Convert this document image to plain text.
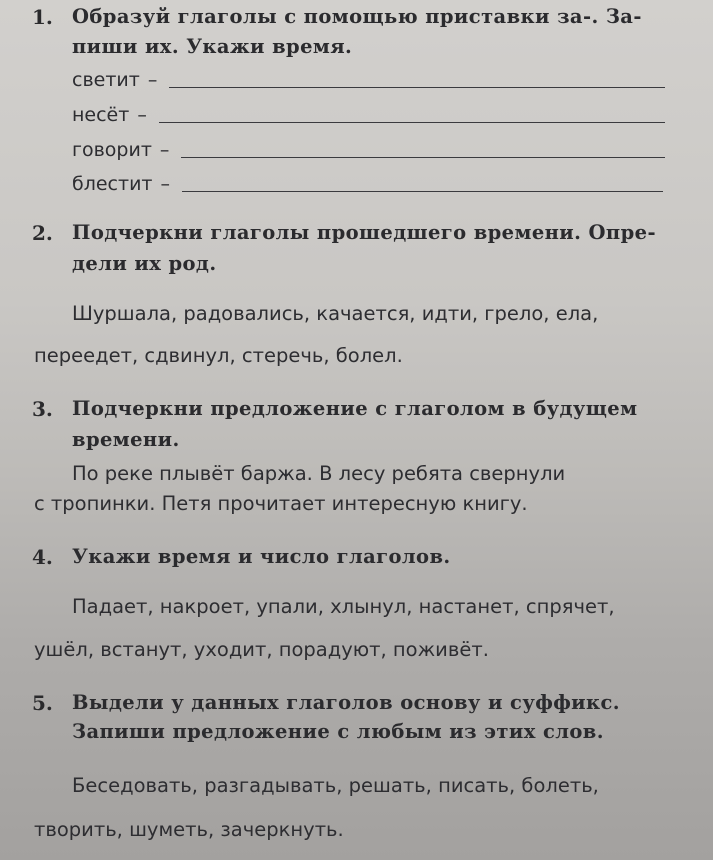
1. Образуй глаголы с помощью приставки за-. За-
пиши их. Укажи время.
светит –
несёт –
говорит –
блестит –
2. Подчеркни глаголы прошедшего времени. Опре-
дели их род.
Шуршала, радовались, качается, идти, грело, ела,
переедет, сдвинул, стеречь, болел.
3. Подчеркни предложение с глаголом в будущем
времени.
По реке плывёт баржа. В лесу ребята свернули
с тропинки. Петя прочитает интересную книгу.
4. Укажи время и число глаголов.
Падает, накроет, упали, хлынул, настанет, спрячет,
ушёл, встанут, уходит, порадуют, поживёт.
5. Выдели у данных глаголов основу и суффикс.
Запиши предложение с любым из этих слов.
Беседовать, разгадывать, решать, писать, болеть,
творить, шуметь, зачеркнуть.
